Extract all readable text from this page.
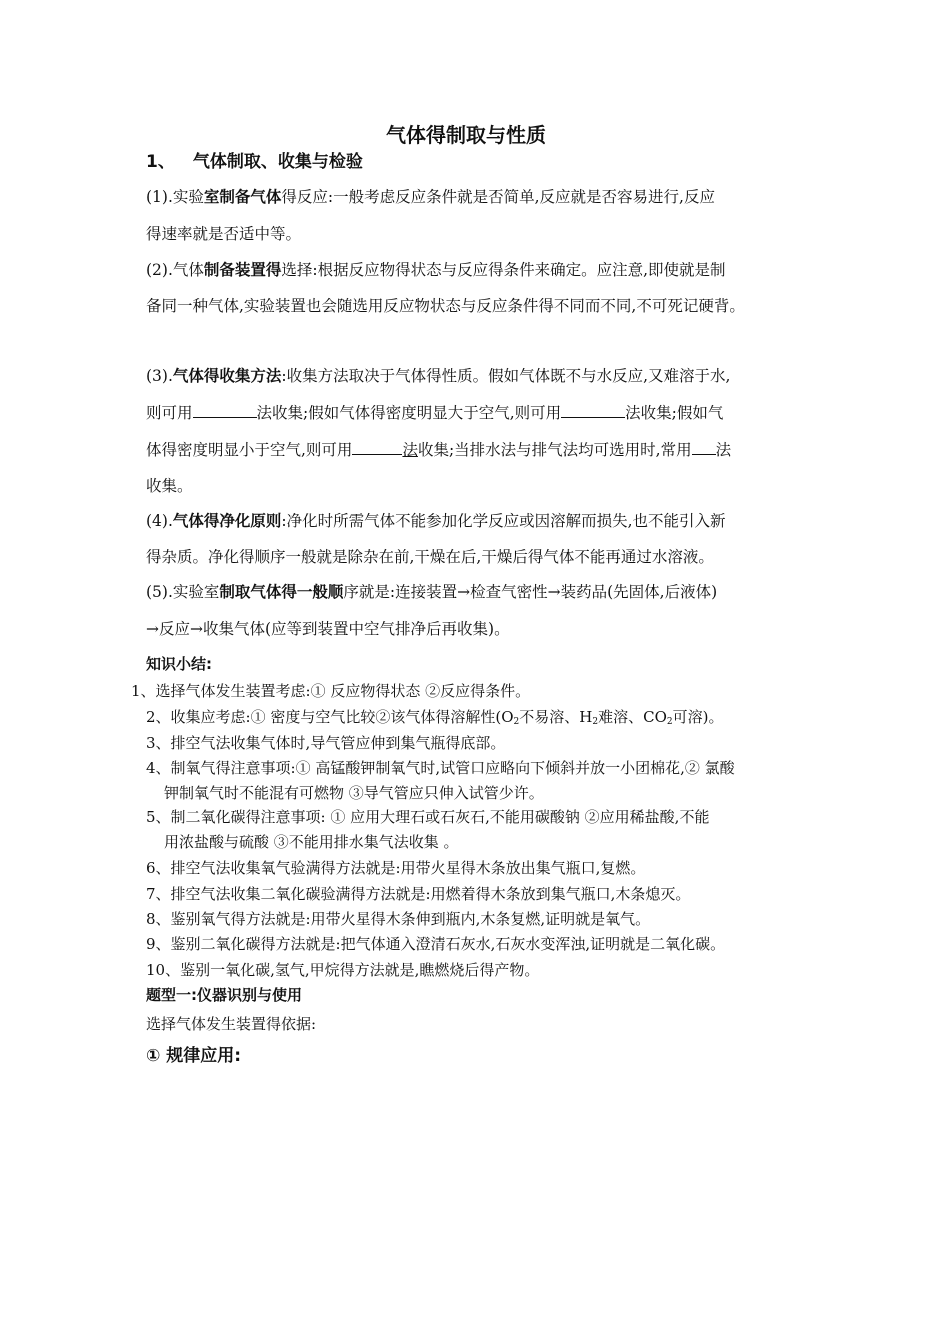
气体得制取与性质
1、 气体制取、收集与检验
(1).实验室制备气体得反应:一般考虑反应条件就是否简单,反应就是否容易进行,反应
得速率就是否适中等。
(2).气体制备装置得选择:根据反应物得状态与反应得条件来确定。应注意,即使就是制
备同一种气体,实验装置也会随选用反应物状态与反应条件得不同而不同,不可死记硬背。
(3).气体得收集方法:收集方法取决于气体得性质。假如气体既不与水反应,又难溶于水,
则可用	法收集;假如气体得密度明显大于空气,则可用	法收集;假如气
体得密度明显小于空气,则可用	法收集;当排水法与排气法均可选用时,常用 法
收集。
(4).气体得净化原则:净化时所需气体不能参加化学反应或因溶解而损失,也不能引入新
得杂质。净化得顺序一般就是除杂在前,干燥在后,干燥后得气体不能再通过水溶液。
(5).实验室制取气体得一般顺序就是:连接装置→检查气密性→装药品(先固体,后液体)
→反应→收集气体(应等到装置中空气排净后再收集)。
知识小结:
1、选择气体发生装置考虑:① 反应物得状态 ②反应得条件。
2、收集应考虑:① 密度与空气比较②该气体得溶解性($O_2$不易溶、$H_2$难溶、$CO_2$可溶)。
3、排空气法收集气体时,导气管应伸到集气瓶得底部。
4、制氧气得注意事项:① 高锰酸钾制氧气时,试管口应略向下倾斜并放一小团棉花,② 氯酸
钾制氧气时不能混有可燃物 ③导气管应只伸入试管少许。
5、制二氧化碳得注意事项: ① 应用大理石或石灰石,不能用碳酸钠 ②应用稀盐酸,不能
用浓盐酸与硫酸 ③不能用排水集气法收集 。
6、排空气法收集氧气验满得方法就是:用带火星得木条放出集气瓶口,复燃。
7、排空气法收集二氧化碳验满得方法就是:用燃着得木条放到集气瓶口,木条熄灭。
8、鉴别氧气得方法就是:用带火星得木条伸到瓶内,木条复燃,证明就是氧气。
9、鉴别二氧化碳得方法就是:把气体通入澄清石灰水,石灰水变浑浊,证明就是二氧化碳。
10、鉴别一氧化碳,氢气,甲烷得方法就是,瞧燃烧后得产物。
题型一:仪器识别与使用
选择气体发生装置得依据:
① 规律应用:
